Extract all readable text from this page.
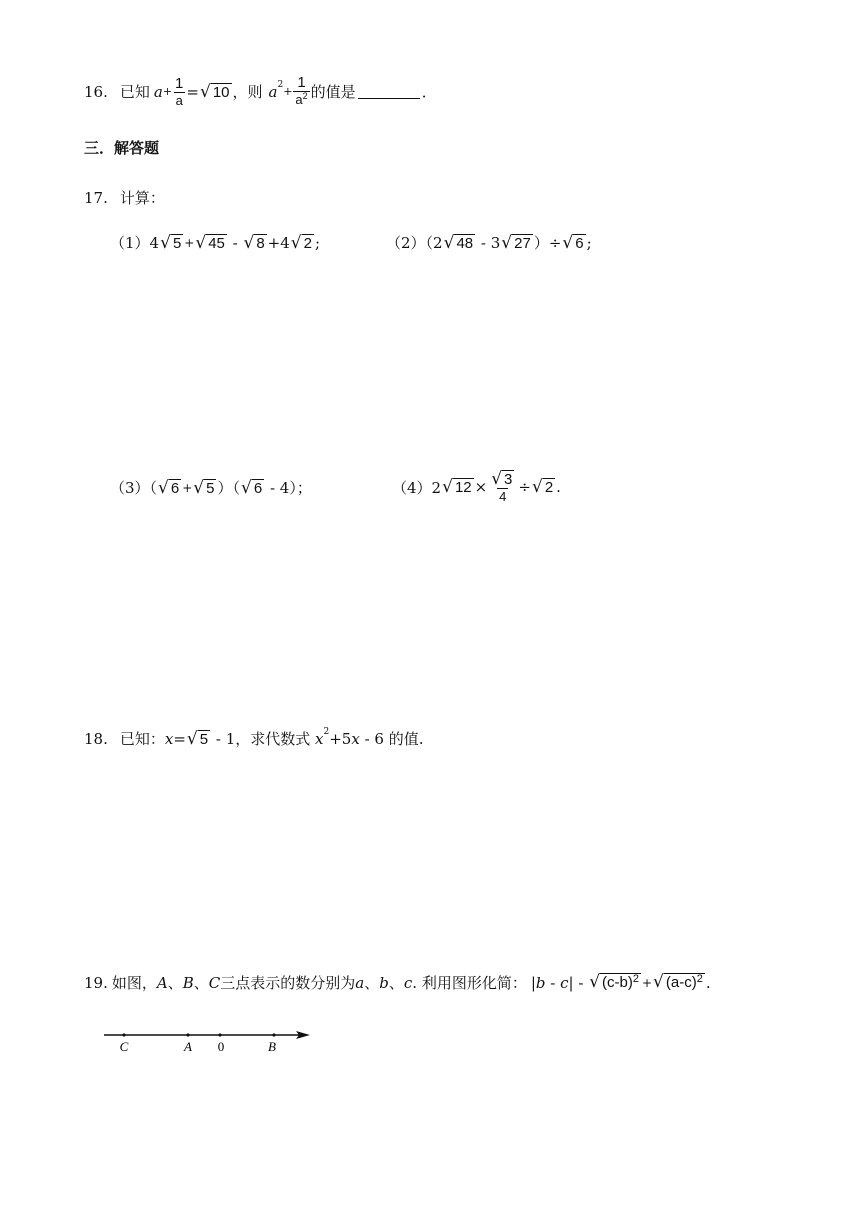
16. 已知 $a + \frac{1}{a}$ = √ 10 ，则 a 2
+ $\frac{1}{a^2}$ 的值是	．
三．解答题
17. 计算：
（1） 4 √ 5 + √ 45 - √ 8 +4 √ 2 ;	（2）（2 √ 48 - 3 √ 27 ）÷ √ 6 ;
（3）（ √ 6 + √ 5 ）（ √ 6 - 4）；	（4）2 √ $12 \times \frac{√ 3}{4}$ ÷ √ 2 .
18. 已知： x = √ 5 - 1，求代数式 x 2 +5 x - 6 的值.
19. 如图， A 、 B 、 C 三点表示的数分别为 a 、 b 、 c . 利用图形化简： | b - c | - √ $(c-b)^2$ + √ $(a-c)^2$ .
C	A 0	B
